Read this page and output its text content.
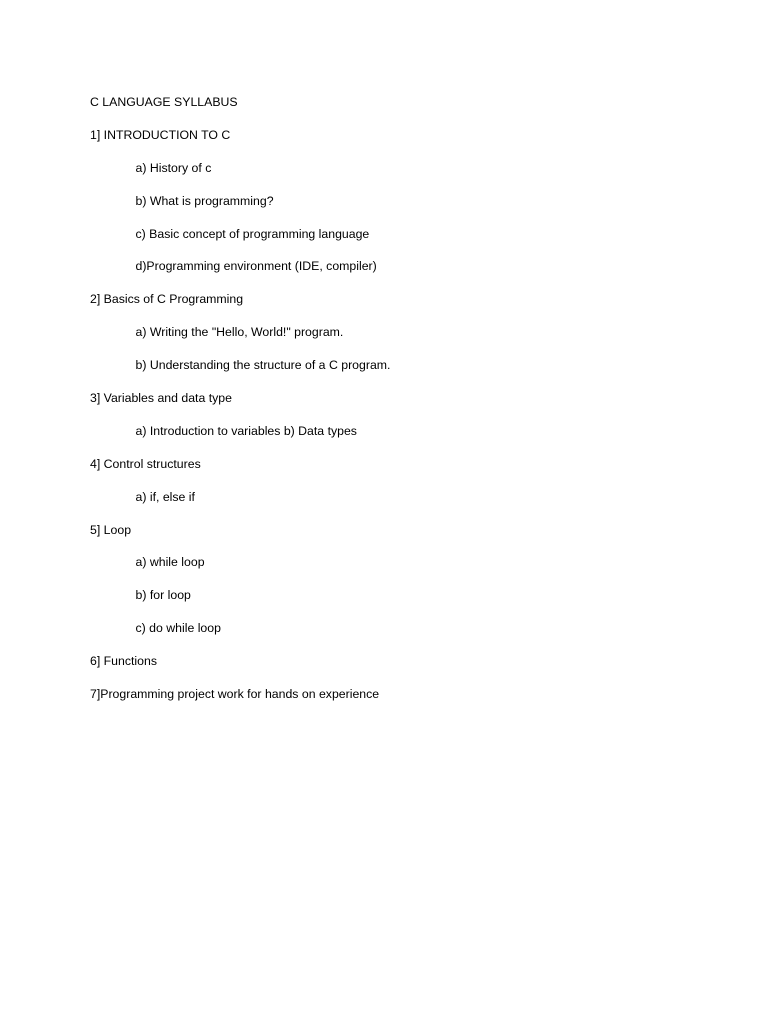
C LANGUAGE SYLLABUS
1] INTRODUCTION TO C
a) History of c
b) What is programming?
c) Basic concept of programming language
d)Programming environment (IDE, compiler)
2] Basics of C Programming
a) Writing the "Hello, World!" program.
b) Understanding the structure of a C program.
3] Variables and data type
a) Introduction to variables b) Data types
4] Control structures
a) if, else if
5] Loop
a) while loop
b) for loop
c) do while loop
6] Functions
7]Programming project work for hands on experience
